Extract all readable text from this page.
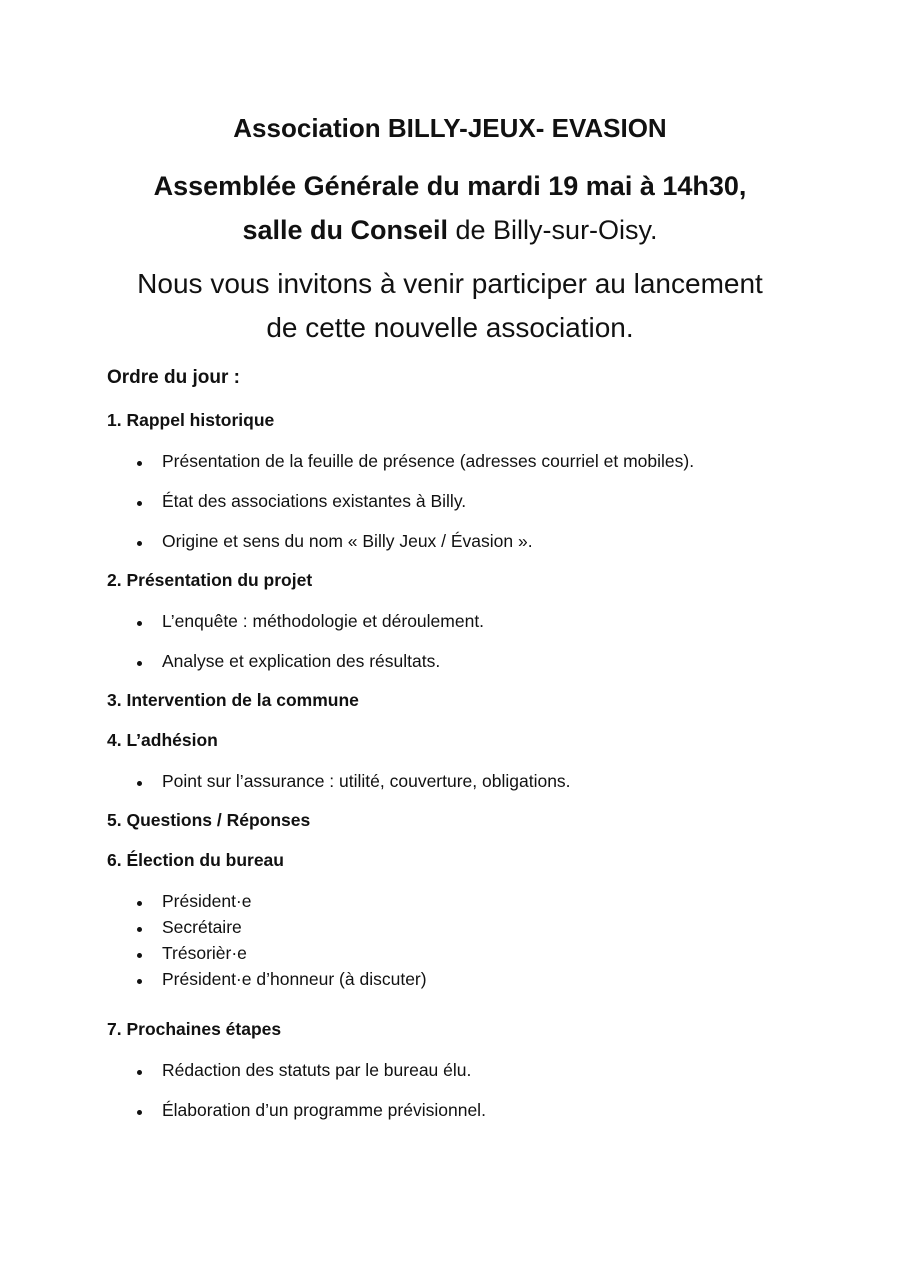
Association BILLY-JEUX- EVASION
Assemblée Générale du mardi 19 mai à 14h30,
salle du Conseil de Billy-sur-Oisy.
Nous vous invitons à venir participer au lancement
de cette nouvelle association.
Ordre du jour :
1. Rappel historique
Présentation de la feuille de présence (adresses courriel et mobiles).
État des associations existantes à Billy.
Origine et sens du nom « Billy Jeux / Évasion ».
2. Présentation du projet
L’enquête : méthodologie et déroulement.
Analyse et explication des résultats.
3. Intervention de la commune
4. L’adhésion
Point sur l’assurance : utilité, couverture, obligations.
5. Questions / Réponses
6. Élection du bureau
Président·e
Secrétaire
Trésorièr·e
Président·e d’honneur (à discuter)
7. Prochaines étapes
Rédaction des statuts par le bureau élu.
Élaboration d’un programme prévisionnel.
